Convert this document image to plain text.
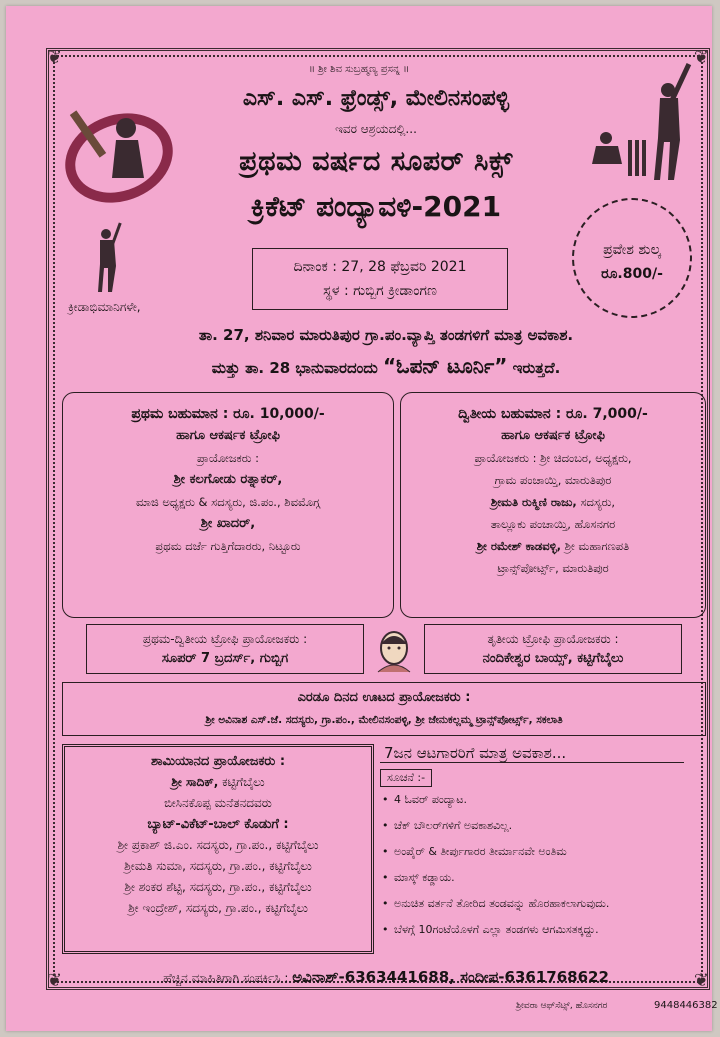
❦	❦
❦	❦
॥ ಶ್ರೀ ಶಿವ ಸುಬ್ರಹ್ಮಣ್ಯ ಪ್ರಸನ್ನ ॥
ಎಸ್. ಎಸ್. ಫ್ರೆಂಡ್ಸ್, ಮೇಲಿನಸಂಪಳ್ಳಿ
ಇವರ ಆಶ್ರಯದಲ್ಲಿ...
ಪ್ರಥಮ ವರ್ಷದ ಸೂಪರ್ ಸಿಕ್ಸ್
ಕ್ರಿಕೆಟ್ ಪಂದ್ಯಾವಳಿ-2021
ದಿನಾಂಕ : 27, 28 ಫೆಬ್ರವರಿ 2021
ಸ್ಥಳ : ಗುಬ್ಬಿಗ ಕ್ರೀಡಾಂಗಣ
ಪ್ರವೇಶ ಶುಲ್ಕ
ರೂ.800/-
ಕ್ರೀಡಾಭಿಮಾನಿಗಳೇ,
ತಾ. 27, ಶನಿವಾರ ಮಾರುತಿಪುರ ಗ್ರಾ.ಪಂ.ವ್ಯಾಪ್ತಿ ತಂಡಗಳಿಗೆ ಮಾತ್ರ ಅವಕಾಶ.
ಮತ್ತು ತಾ. 28 ಭಾನುವಾರದಂದು “ಓಪನ್ ಟೂರ್ನಿ” ಇರುತ್ತದೆ.
ಪ್ರಥಮ ಬಹುಮಾನ : ರೂ. 10,000/-
ಹಾಗೂ ಆಕರ್ಷಕ ಟ್ರೋಫಿ
ಪ್ರಾಯೋಜಕರು :
ಶ್ರೀ ಕಲಗೋಡು ರತ್ನಾಕರ್,
ಮಾಜಿ ಅಧ್ಯಕ್ಷರು & ಸದಸ್ಯರು, ಜಿ.ಪಂ., ಶಿವಮೊಗ್ಗ
ಶ್ರೀ ಖಾದರ್,
ಪ್ರಥಮ ದರ್ಜೆ ಗುತ್ತಿಗೆದಾರರು, ನಿಟ್ಟೂರು
ದ್ವಿತೀಯ ಬಹುಮಾನ : ರೂ. 7,000/-
ಹಾಗೂ ಆಕರ್ಷಕ ಟ್ರೋಫಿ
ಪ್ರಾಯೋಜಕರು : ಶ್ರೀ ಚಿದಂಬರ, ಅಧ್ಯಕ್ಷರು,
ಗ್ರಾಮ ಪಂಚಾಯ್ತಿ, ಮಾರುತಿಪುರ
ಶ್ರೀಮತಿ ರುಕ್ಮಿಣಿ ರಾಜು, ಸದಸ್ಯರು,
ತಾಲ್ಲೂಕು ಪಂಚಾಯ್ತಿ, ಹೊಸನಗರ
ಶ್ರೀ ರಮೇಶ್ ಕಾಡವಳ್ಳಿ, ಶ್ರೀ ಮಹಾಗಣಪತಿ
ಟ್ರಾನ್ಸ್‌ಪೋರ್ಟ್ಸ್, ಮಾರುತಿಪುರ
ಪ್ರಥಮ-ದ್ವಿತೀಯ ಟ್ರೋಫಿ ಪ್ರಾಯೋಜಕರು :
ಸೂಪರ್ 7 ಬ್ರದರ್ಸ್, ಗುಬ್ಬಿಗ
ತೃತೀಯ ಟ್ರೋಫಿ ಪ್ರಾಯೋಜಕರು :
ನಂದಿಕೇಶ್ವರ ಬಾಯ್ಸ್, ಕಟ್ಟಿಗೆಬೈಲು
ಎರಡೂ ದಿನದ ಊಟದ ಪ್ರಾಯೋಜಕರು :
ಶ್ರೀ ಅವಿನಾಶ ಎಸ್.ಜೆ. ಸದಸ್ಯರು, ಗ್ರಾ.ಪಂ., ಮೇಲಿನಸಂಪಳ್ಳಿ, ಶ್ರೀ ಜೇನುಕಲ್ಲಮ್ಮ ಟ್ರಾನ್ಸ್‌ಪೋರ್ಟ್ಸ್, ಸಕಲಾತಿ
ಶಾಮಿಯಾನದ ಪ್ರಾಯೋಜಕರು :
ಶ್ರೀ ಸಾದಿಕ್, ಕಟ್ಟಿಗೆಬೈಲು
ಬೀಸಿನಕೊಪ್ಪ ಮನೆತನದವರು
ಬ್ಯಾಟ್-ವಿಕೆಟ್-ಬಾಲ್ ಕೊಡುಗೆ :
ಶ್ರೀ ಪ್ರಕಾಶ್ ಜಿ.ಎಂ. ಸದಸ್ಯರು, ಗ್ರಾ.ಪಂ., ಕಟ್ಟಿಗೆಬೈಲು
ಶ್ರೀಮತಿ ಸುಮಾ, ಸದಸ್ಯರು, ಗ್ರಾ.ಪಂ., ಕಟ್ಟಿಗೆಬೈಲು
ಶ್ರೀ ಶಂಕರ ಶೆಟ್ಟಿ, ಸದಸ್ಯರು, ಗ್ರಾ.ಪಂ., ಕಟ್ಟಿಗೆಬೈಲು
ಶ್ರೀ ಇಂದ್ರೇಶ್, ಸದಸ್ಯರು, ಗ್ರಾ.ಪಂ., ಕಟ್ಟಿಗೆಬೈಲು
7ಜನ ಆಟಗಾರರಿಗೆ ಮಾತ್ರ ಅವಕಾಶ...
ಸೂಚನೆ :-
• 4 ಓವರ್ ಪಂದ್ಯಾಟ.
• ಚೆಕ್ ಬೌಲರ್‌ಗಳಿಗೆ ಅವಕಾಶವಿಲ್ಲ.
• ಅಂಪೈರ್ & ತೀರ್ಪುಗಾರರ ತೀರ್ಮಾನವೇ ಅಂತಿಮ
• ಮಾಸ್ಕ್ ಕಡ್ಡಾಯ.
• ಅನುಚಿತ ವರ್ತನೆ ತೋರಿದ ತಂಡವನ್ನು ಹೊರಹಾಕಲಾಗುವುದು.
• ಬೆಳಗ್ಗೆ 10ಗಂಟೆಯೊಳಗೆ ಎಲ್ಲಾ ತಂಡಗಳು ಆಗಮಿಸತಕ್ಕದ್ದು.
ಹೆಚ್ಚಿನ ಮಾಹಿತಿಗಾಗಿ ಸಂಪರ್ಕಿಸಿ : ಅವಿನಾಶ್-6363441688, ಸಂದೀಪ-6361768622
ಶ್ರೀವರಾ ಆಫ್‌ಸೆಟ್ಸ್, ಹೊಸನಗರ	9448446382
